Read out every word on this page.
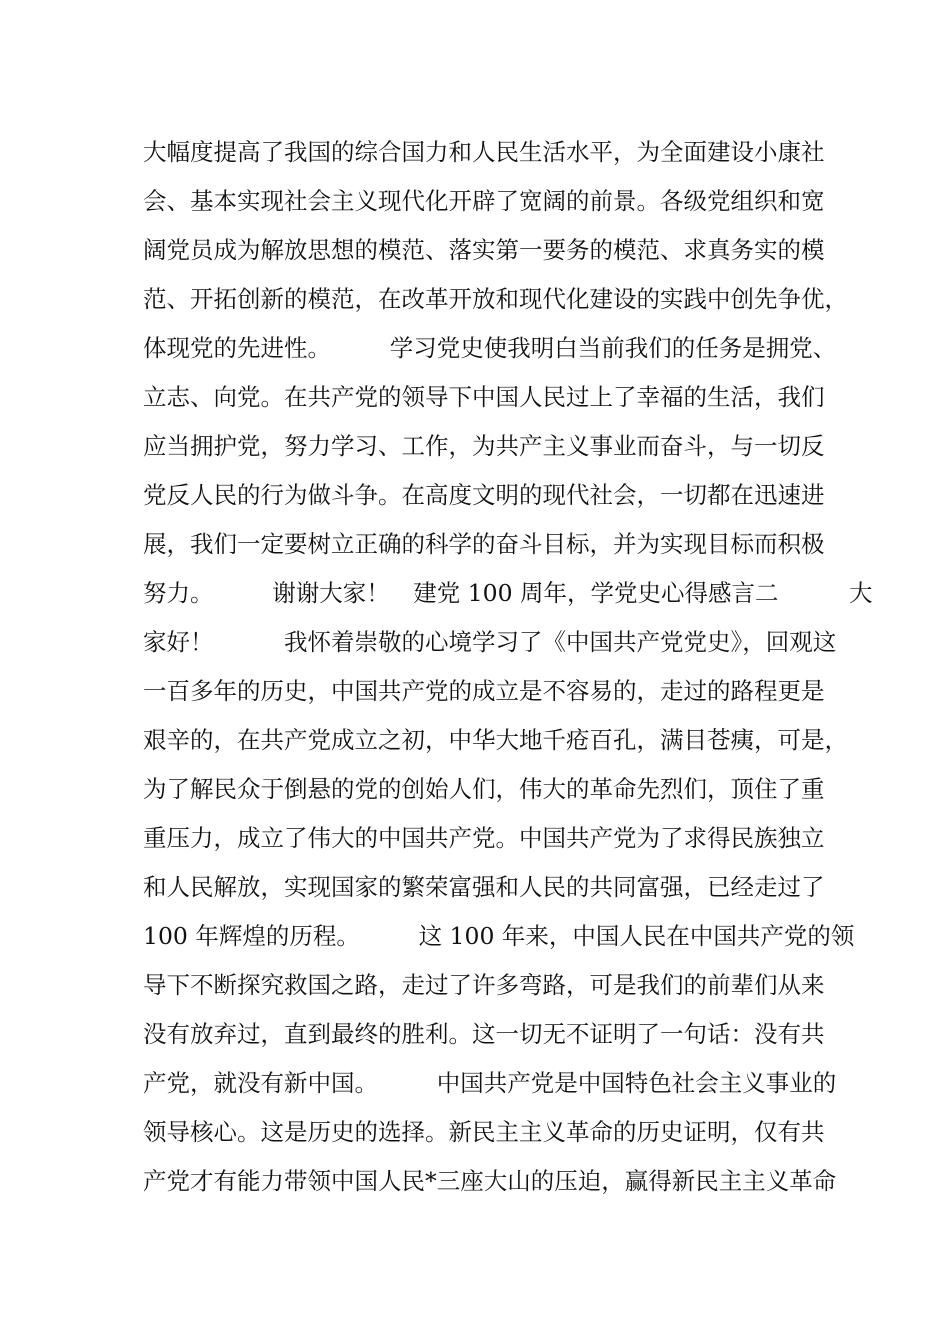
大幅度提高了我国的综合国力和人民生活水平，为全面建设小康社
会、基本实现社会主义现代化开辟了宽阔的前景。各级党组织和宽
阔党员成为解放思想的模范、落实第一要务的模范、求真务实的模
范、开拓创新的模范，在改革开放和现代化建设的实践中创先争优，
体现党的先进性。　　　学习党史使我明白当前我们的任务是拥党、
立志、向党。在共产党的领导下中国人民过上了幸福的生活，我们
应当拥护党，努力学习、工作，为共产主义事业而奋斗，与一切反
党反人民的行为做斗争。在高度文明的现代社会，一切都在迅速进
展，我们一定要树立正确的科学的奋斗目标，并为实现目标而积极
努力。　　　谢谢大家！　建党 100 周年，学党史心得感言二　　　大
家好！　　　我怀着崇敬的心境学习了《中国共产党党史》，回观这
一百多年的历史，中国共产党的成立是不容易的，走过的路程更是
艰辛的，在共产党成立之初，中华大地千疮百孔，满目苍痍，可是，
为了解民众于倒悬的党的创始人们，伟大的革命先烈们，顶住了重
重压力，成立了伟大的中国共产党。中国共产党为了求得民族独立
和人民解放，实现国家的繁荣富强和人民的共同富强，已经走过了
100 年辉煌的历程。　　　这 100 年来，中国人民在中国共产党的领
导下不断探究救国之路，走过了许多弯路，可是我们的前辈们从来
没有放弃过，直到最终的胜利。这一切无不证明了一句话：没有共
产党，就没有新中国。　　　中国共产党是中国特色社会主义事业的
领导核心。这是历史的选择。新民主主义革命的历史证明，仅有共
产党才有能力带领中国人民*三座大山的压迫，赢得新民主主义革命
